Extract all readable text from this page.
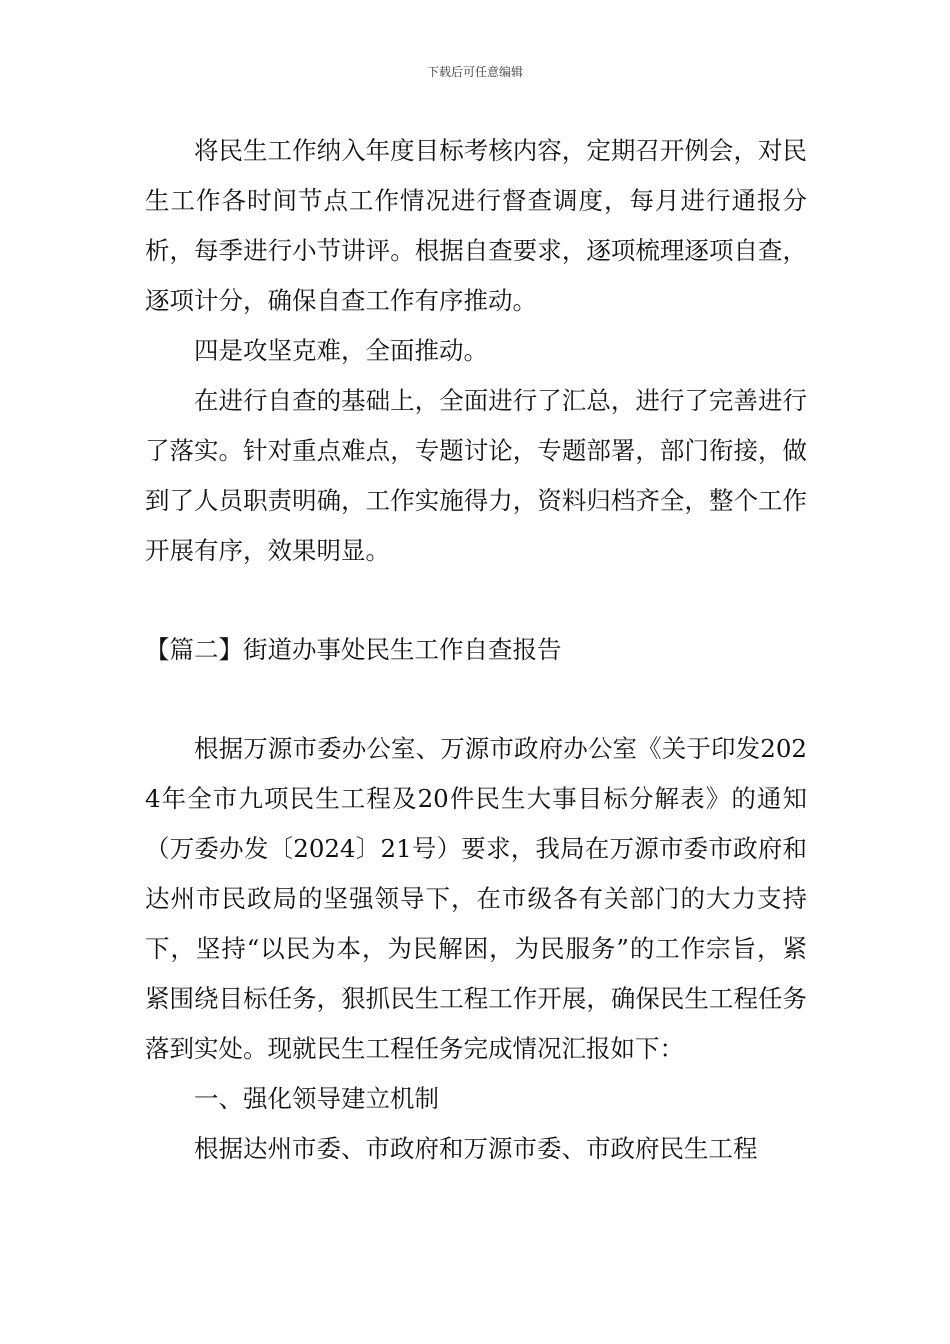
下载后可任意编辑

将民生工作纳入年度目标考核内容，定期召开例会，对民生工作各时间节点工作情况进行督查调度，每月进行通报分析，每季进行小节讲评。根据自查要求，逐项梳理逐项自查，逐项计分，确保自查工作有序推动。

四是攻坚克难，全面推动。

在进行自查的基础上，全面进行了汇总，进行了完善进行了落实。针对重点难点，专题讨论，专题部署，部门衔接，做到了人员职责明确，工作实施得力，资料归档齐全，整个工作开展有序，效果明显。

【篇二】街道办事处民生工作自查报告

根据万源市委办公室、万源市政府办公室《关于印发2024年全市九项民生工程及20件民生大事目标分解表》的通知（万委办发〔2024〕21号）要求，我局在万源市委市政府和达州市民政局的坚强领导下，在市级各有关部门的大力支持下，坚持“以民为本，为民解困，为民服务”的工作宗旨，紧紧围绕目标任务，狠抓民生工程工作开展，确保民生工程任务落到实处。现就民生工程任务完成情况汇报如下：

一、强化领导建立机制

根据达州市委、市政府和万源市委、市政府民生工程
